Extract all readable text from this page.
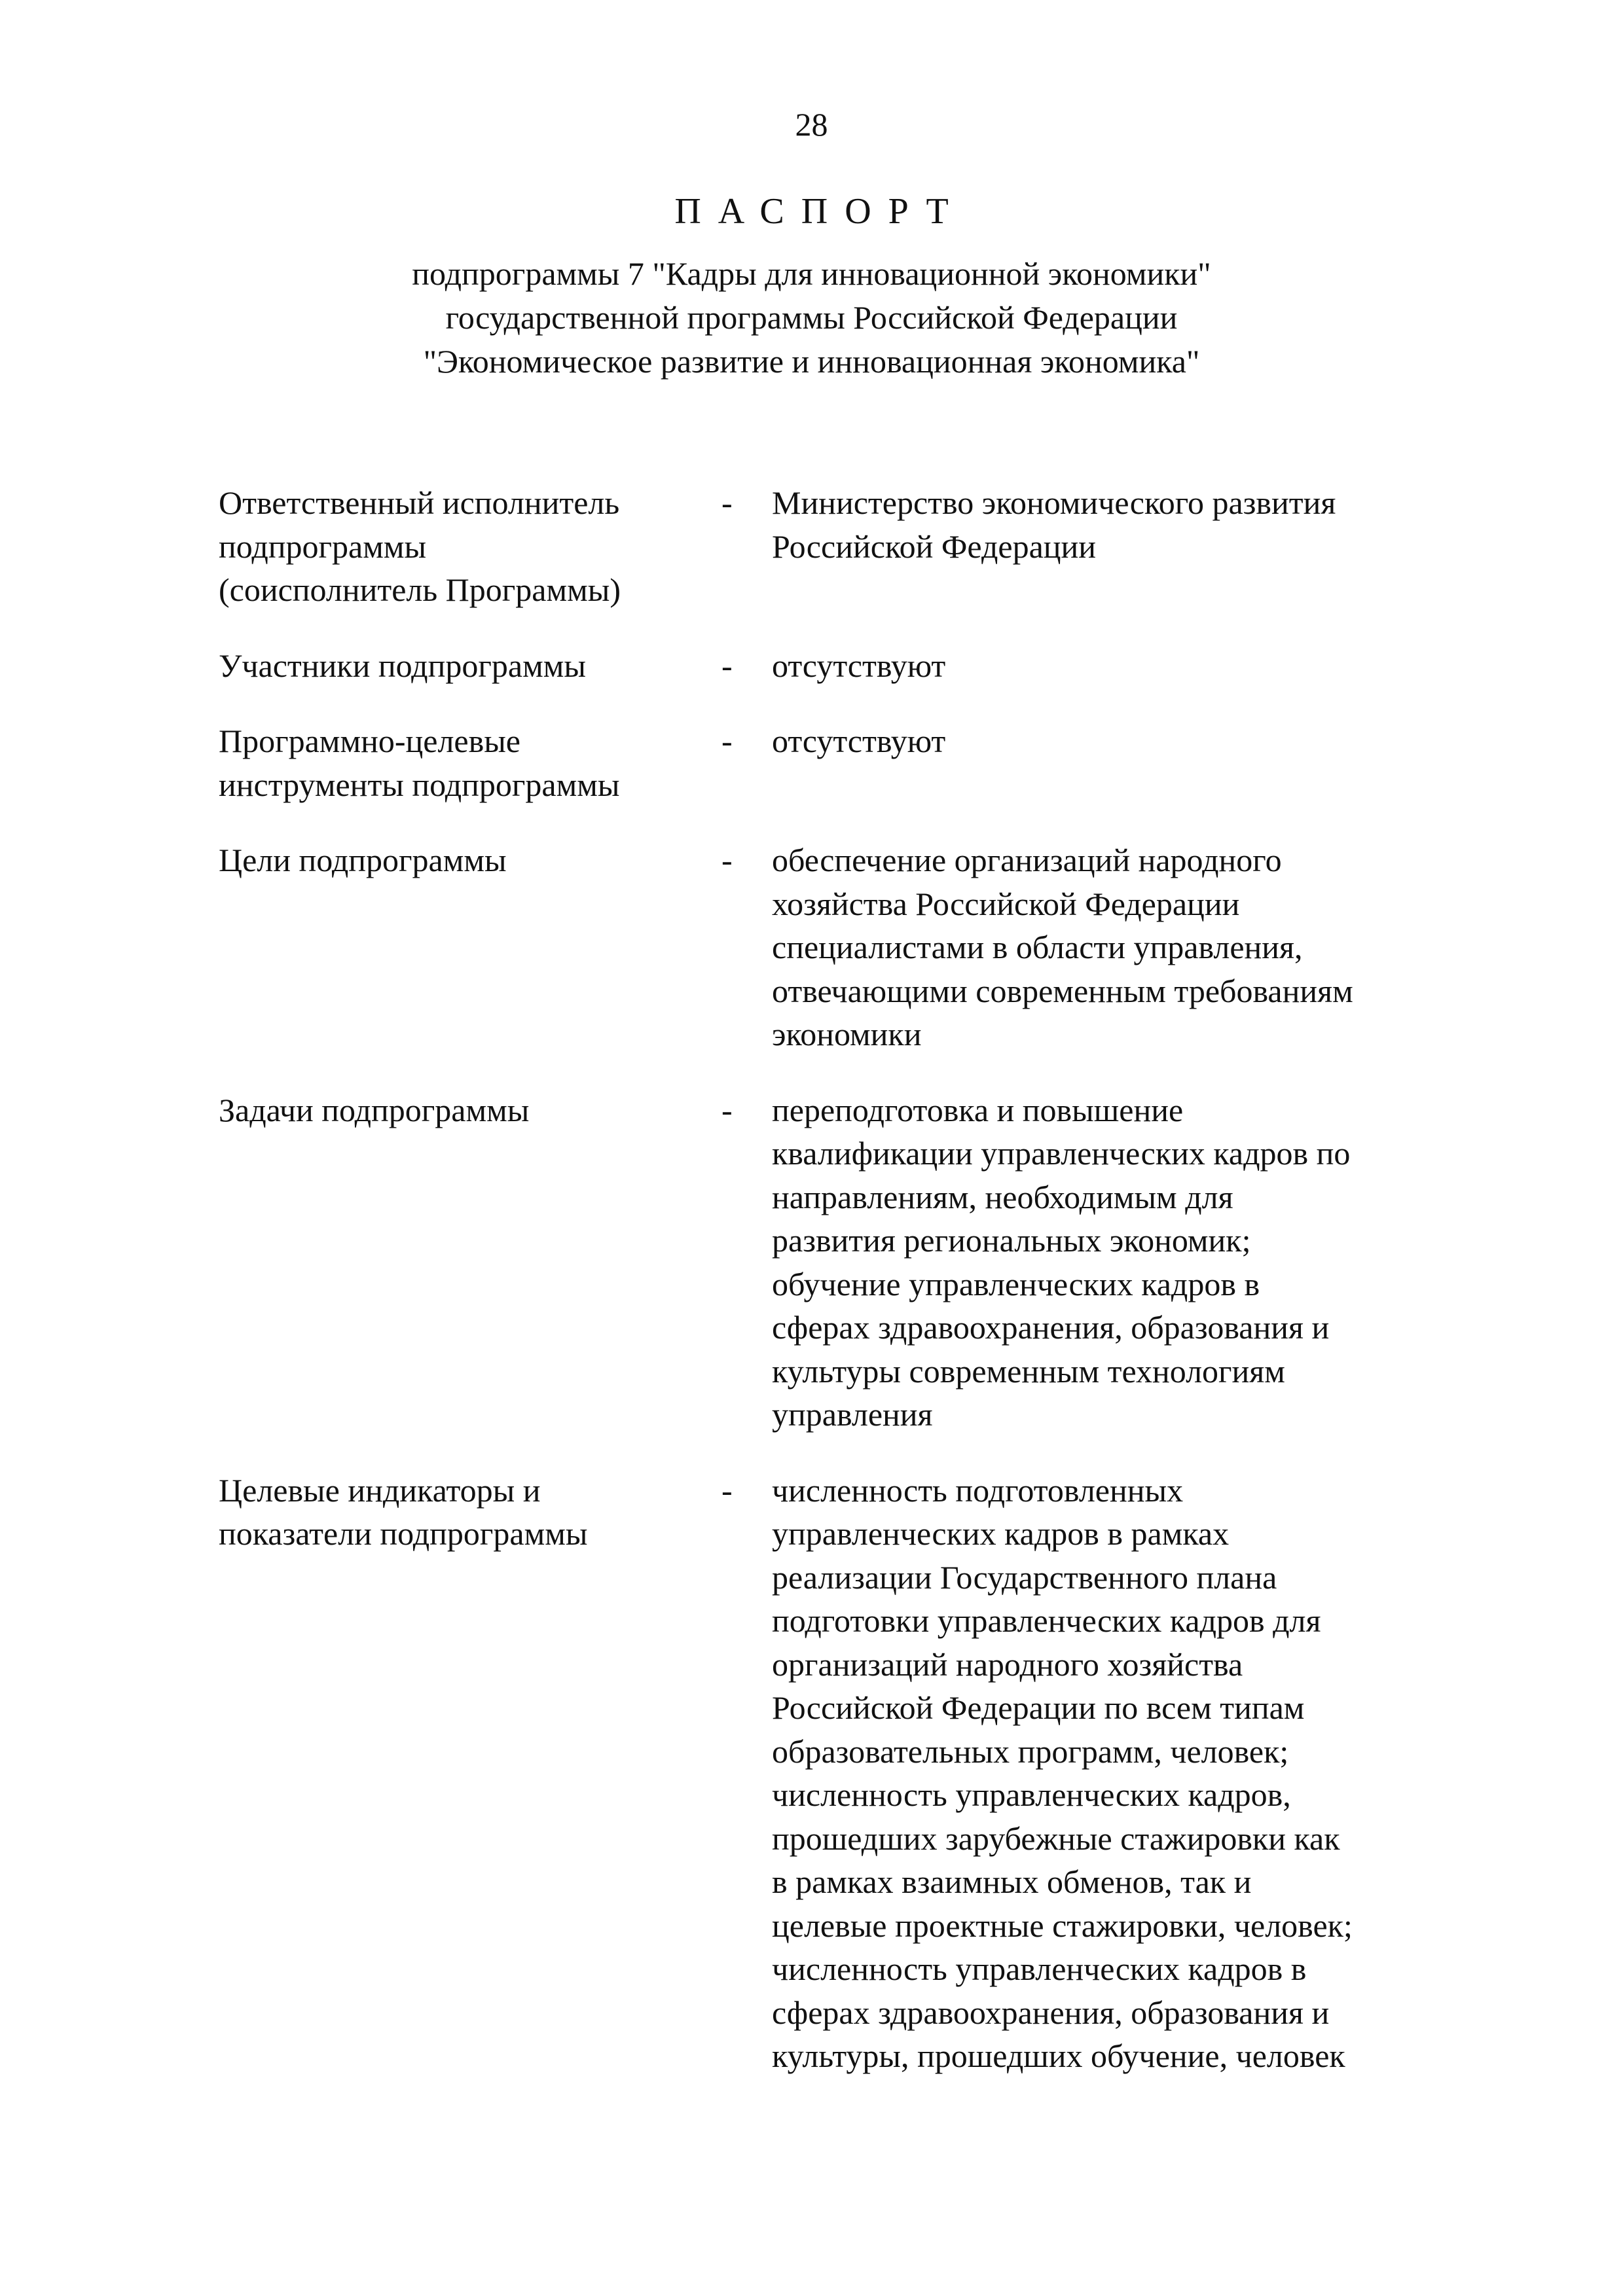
28
ПАСПОРТ
подпрограммы 7 "Кадры для инновационной экономики"
государственной программы Российской Федерации
"Экономическое развитие и инновационная экономика"
Ответственный исполнитель
подпрограммы
(соисполнитель Программы)
-	Министерство экономического развития
Российской Федерации
Участники подпрограммы	-	отсутствуют
Программно-целевые
инструменты подпрограммы
-	отсутствуют
Цели подпрограммы	-	обеспечение организаций народного
хозяйства Российской Федерации
специалистами в области управления,
отвечающими современным требованиям
экономики
Задачи подпрограммы	-	переподготовка и повышение
квалификации управленческих кадров по
направлениям, необходимым для
развития региональных экономик;
обучение управленческих кадров в
сферах здравоохранения, образования и
культуры современным технологиям
управления
Целевые индикаторы и
показатели подпрограммы
-	численность подготовленных
управленческих кадров в рамках
реализации Государственного плана
подготовки управленческих кадров для
организаций народного хозяйства
Российской Федерации по всем типам
образовательных программ, человек;
численность управленческих кадров,
прошедших зарубежные стажировки как
в рамках взаимных обменов, так и
целевые проектные стажировки, человек;
численность управленческих кадров в
сферах здравоохранения, образования и
культуры, прошедших обучение, человек
